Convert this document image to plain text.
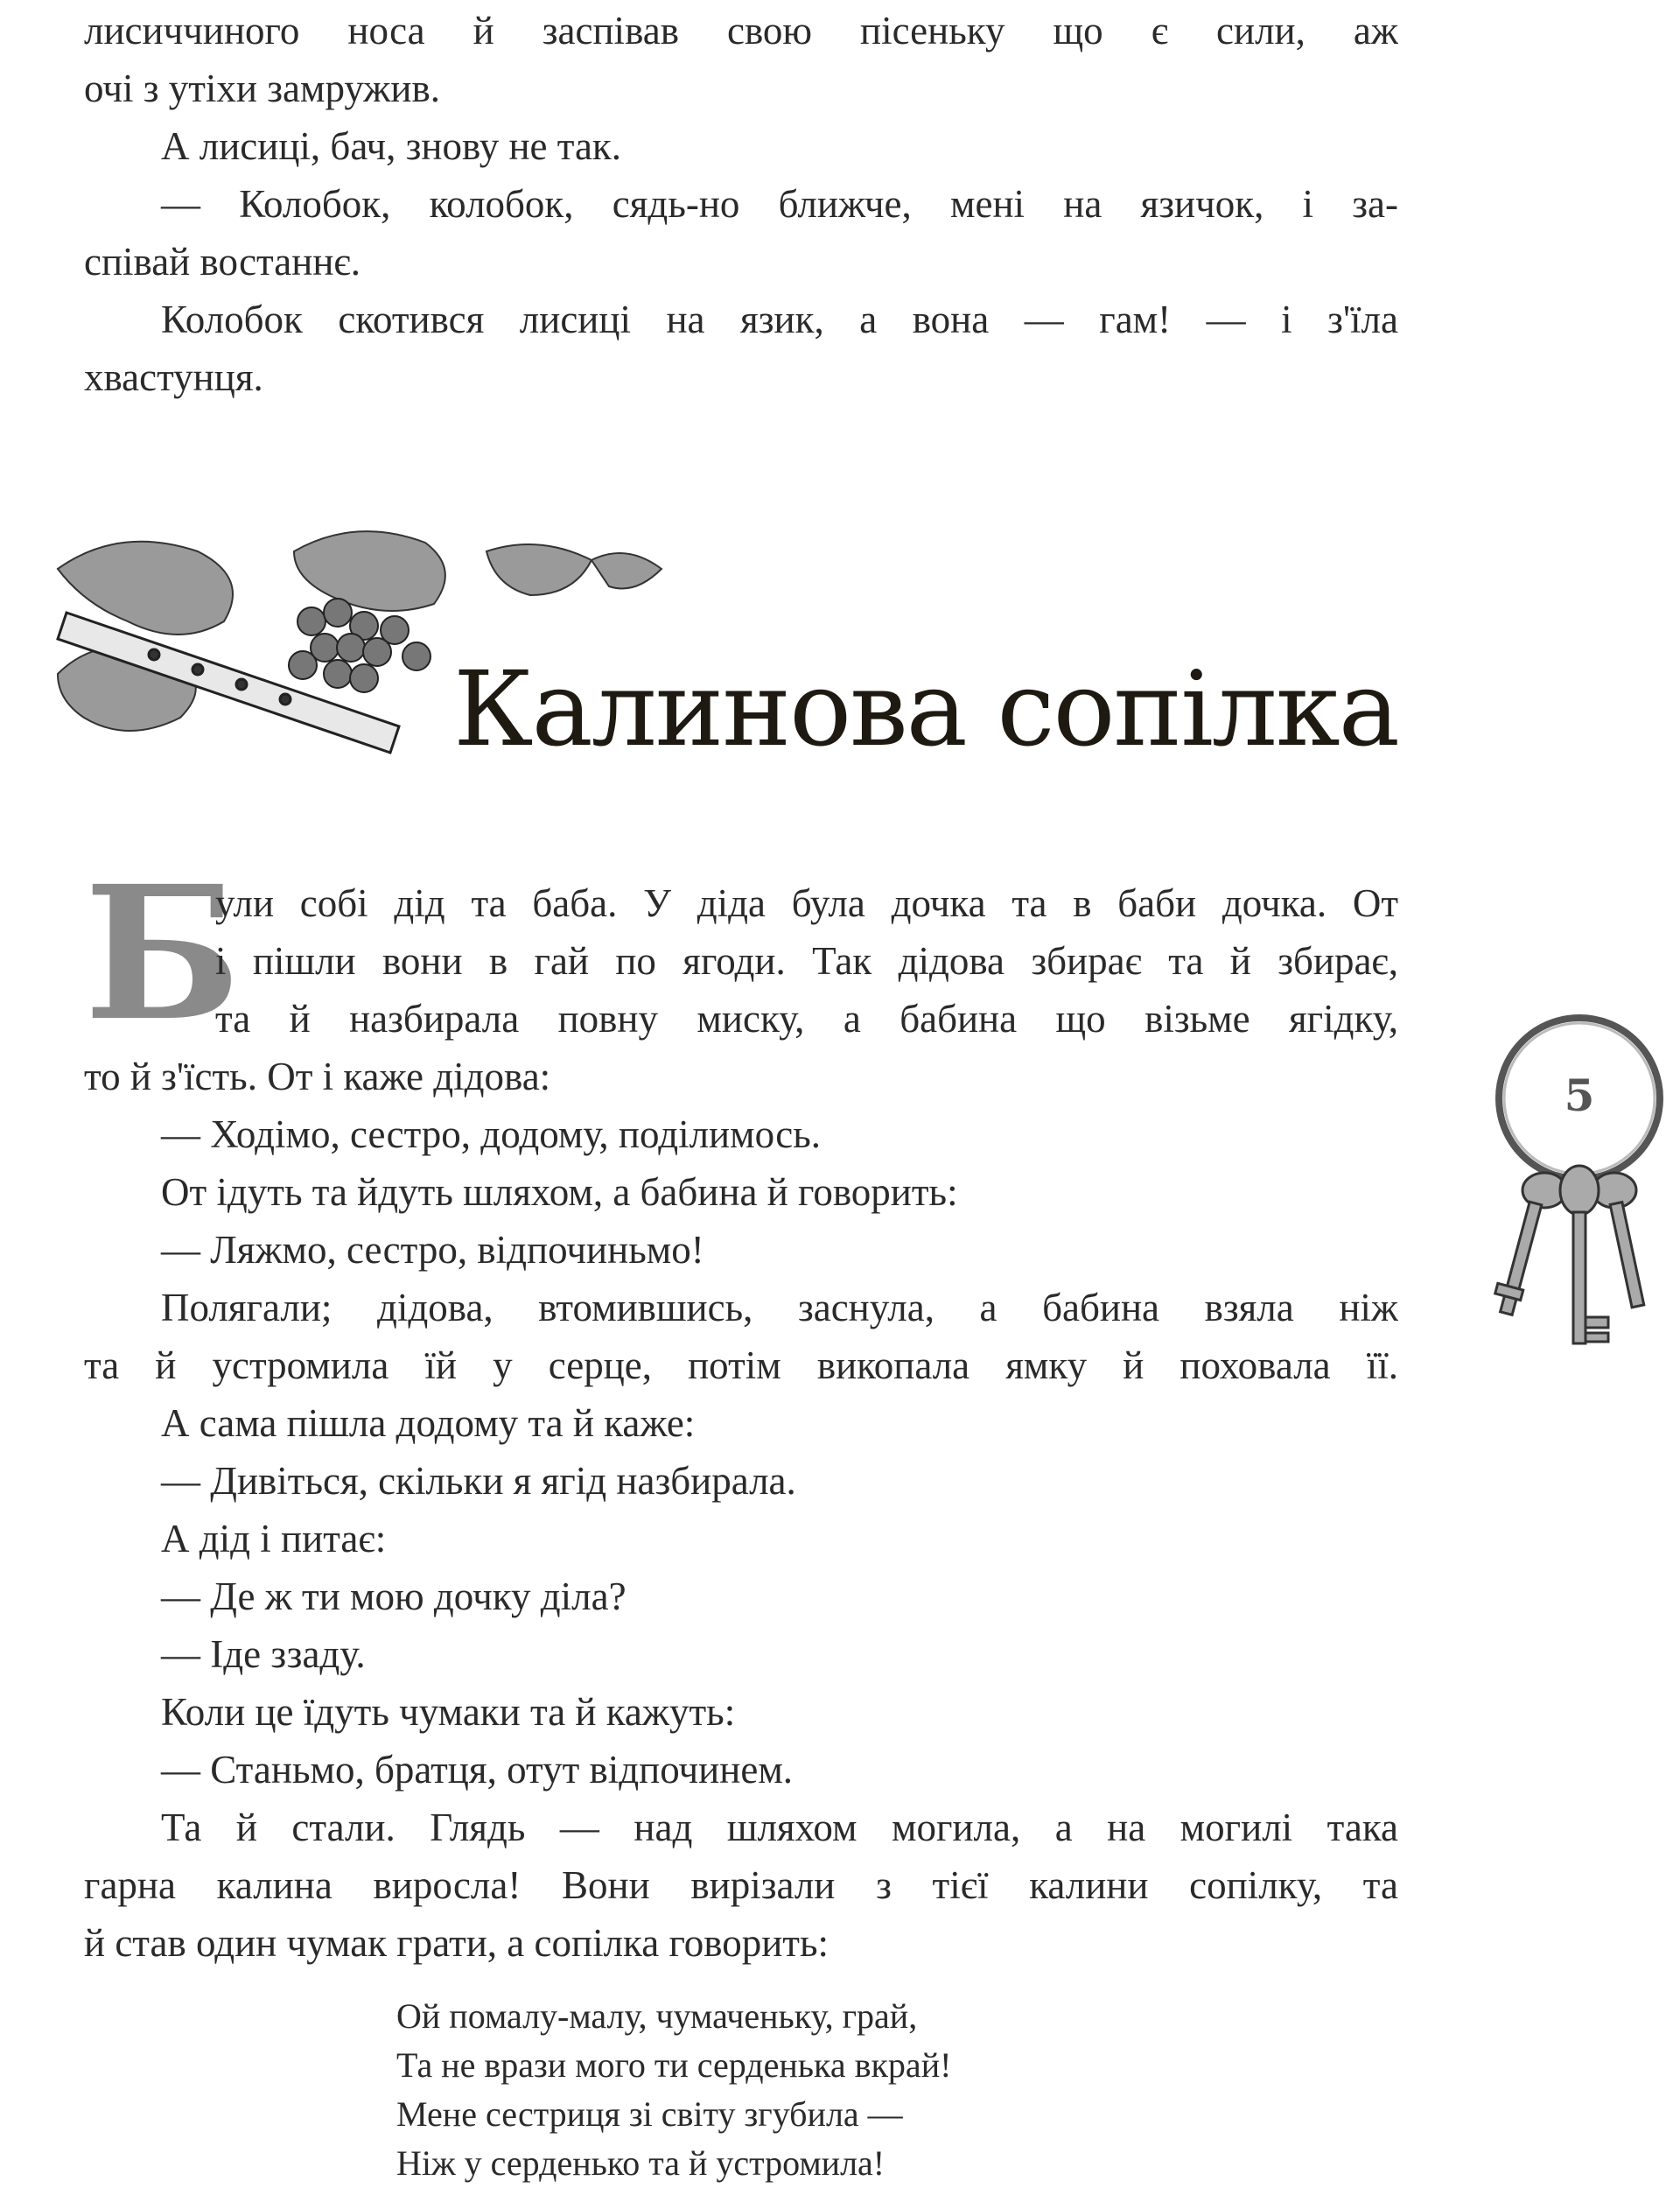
лисиччиного носа й заспівав свою пісеньку що є сили, аж
очі з утіхи замружив.
А лисиці, бач, знову не так.
— Колобок, колобок, сядь-но ближче, мені на язичок, і за-
співай востаннє.
Колобок скотився лисиці на язик, а вона — гам! — і з'їла
хвастунця.
Калинова сопілка
Б
ули собі дід та баба. У діда була дочка та в баби дочка. От
і пішли вони в гай по ягоди. Так дідова збирає та й збирає,
та й назбирала повну миску, а бабина що візьме ягідку,
то й з'їсть. От і каже дідова:
— Ходімо, сестро, додому, поділимось.
От ідуть та йдуть шляхом, а бабина й говорить:
— Ляжмо, сестро, відпочиньмо!
Полягали; дідова, втомившись, заснула, а бабина взяла ніж
та й устромила їй у серце, потім викопала ямку й поховала її.
А сама пішла додому та й каже:
— Дивіться, скільки я ягід назбирала.
А дід і питає:
— Де ж ти мою дочку діла?
— Іде ззаду.
Коли це їдуть чумаки та й кажуть:
— Станьмо, братця, отут відпочинем.
Та й стали. Глядь — над шляхом могила, а на могилі така
гарна калина виросла! Вони вирізали з тієї калини сопілку, та
й став один чумак грати, а сопілка говорить:
Ой помалу-малу, чумаченьку, грай,
Та не врази мого ти серденька вкрай!
Мене сестриця зі світу згубила —
Ніж у серденько та й устромила!
5
